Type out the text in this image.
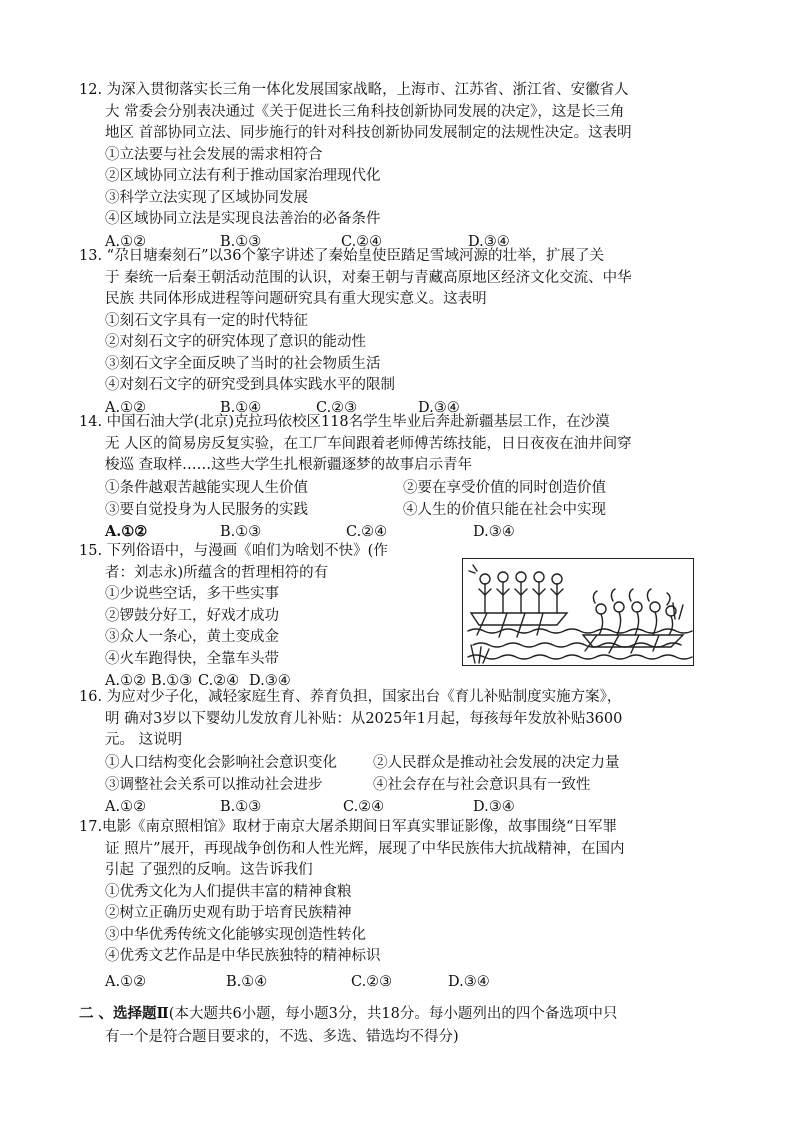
12. 为深入贯彻落实长三角一体化发展国家战略，上海市、江苏省、浙江省、安徽省人
大 常委会分别表决通过《关于促进长三角科技创新协同发展的决定》，这是长三角
地区 首部协同立法、同步施行的针对科技创新协同发展制定的法规性决定。这表明
①立法要与社会发展的需求相符合
②区域协同立法有利于推动国家治理现代化
③科学立法实现了区域协同发展
④区域协同立法是实现良法善治的必备条件
A.①②	B.①③	C.②④	D.③④
13. “尕日塘秦刻石”以36个篆字讲述了秦始皇使臣踏足雪域河源的壮举，扩展了关
于 秦统一后秦王朝活动范围的认识，对秦王朝与青藏高原地区经济文化交流、中华
民族 共同体形成进程等问题研究具有重大现实意义。这表明
①刻石文字具有一定的时代特征
②对刻石文字的研究体现了意识的能动性
③刻石文字全面反映了当时的社会物质生活
④对刻石文字的研究受到具体实践水平的限制
A.①②	B.①④	C.②③	D.③④
14. 中国石油大学(北京)克拉玛依校区118名学生毕业后奔赴新疆基层工作，在沙漠
无 人区的简易房反复实验，在工厂车间跟着老师傅苦练技能，日日夜夜在油井间穿
梭巡 查取样……这些大学生扎根新疆逐梦的故事启示青年
①条件越艰苦越能实现人生价值	②要在享受价值的同时创造价值
③要自觉投身为人民服务的实践	④人生的价值只能在社会中实现
A.①②	B.①③	C.②④	D.③④
15. 下列俗语中，与漫画《咱们为啥划不快》(作
者：刘志永)所蕴含的哲理相符的有
①少说些空话，多干些实事
②锣鼓分好工，好戏才成功
③众人一条心，黄土变成金
④火车跑得快，全靠车头带
A.①② B.①③ C.②④ D.③④
16. 为应对少子化，减轻家庭生育、养育负担，国家出台《育儿补贴制度实施方案》，
明 确对3岁以下婴幼儿发放育儿补贴：从2025年1月起，每孩每年发放补贴3600
元。 这说明
①人口结构变化会影响社会意识变化 ②人民群众是推动社会发展的决定力量
③调整社会关系可以推动社会进步	④社会存在与社会意识具有一致性
A.①②	B.①③	C.②④	D.③④
17.电影《南京照相馆》取材于南京大屠杀期间日军真实罪证影像，故事围绕“日军罪
证 照片”展开，再现战争创伤和人性光辉，展现了中华民族伟大抗战精神，在国内
引起 了强烈的反响。这告诉我们
①优秀文化为人们提供丰富的精神食粮
②树立正确历史观有助于培育民族精神
③中华优秀传统文化能够实现创造性转化
④优秀文艺作品是中华民族独特的精神标识
A.①②	B.①④	C.②③	D.③④
二 、选择题Ⅱ(本大题共6小题，每小题3分，共18分。每小题列出的四个备选项中只
有一个是符合题目要求的，不选、多选、错选均不得分)
